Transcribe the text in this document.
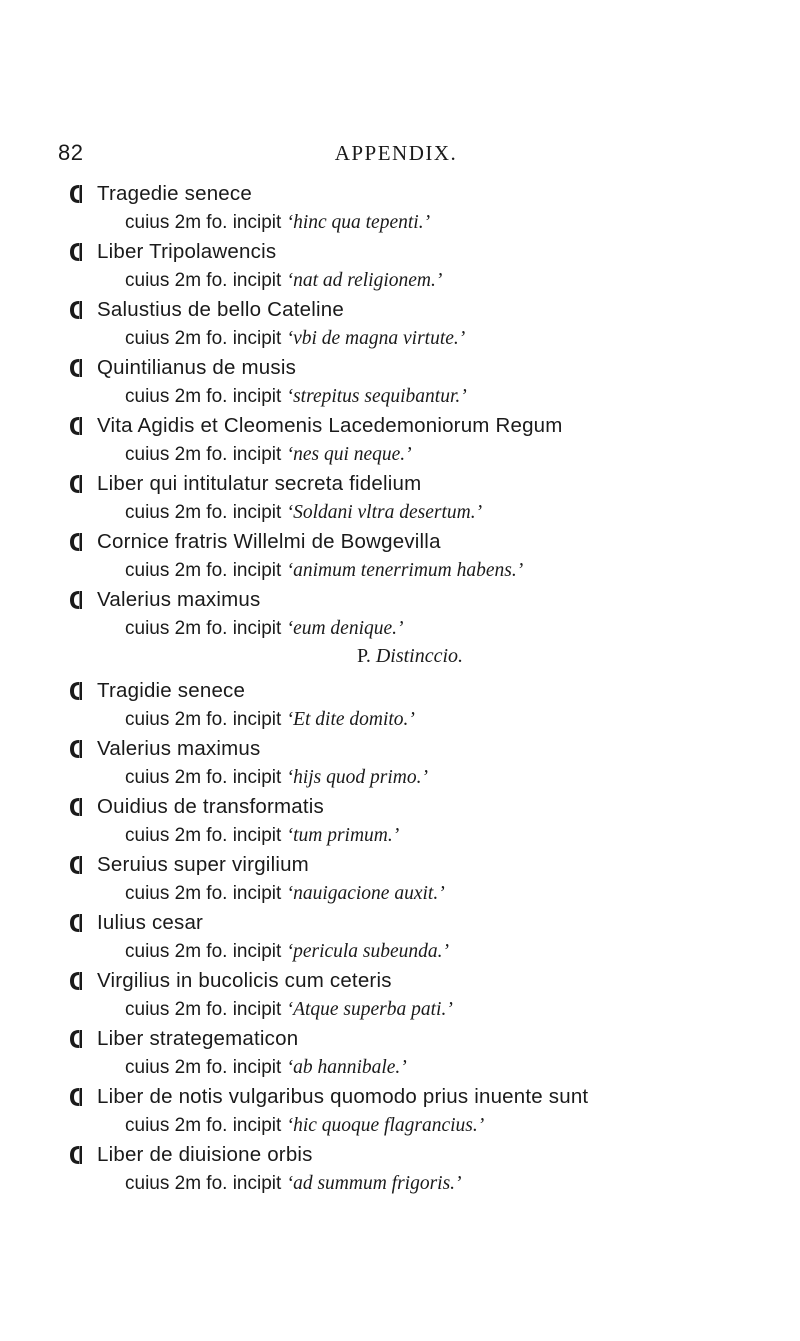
82	APPENDIX.
Tragedie senece
cuius 2m fo. incipit ‘hinc qua tepenti.’
Liber Tripolawencis
cuius 2m fo. incipit ‘nat ad religionem.’
Salustius de bello Cateline
cuius 2m fo. incipit ‘vbi de magna virtute.’
Quintilianus de musis
cuius 2m fo. incipit ‘strepitus sequibantur.’
Vita Agidis et Cleomenis Lacedemoniorum Regum
cuius 2m fo. incipit ‘nes qui neque.’
Liber qui intitulatur secreta fidelium
cuius 2m fo. incipit ‘Soldani vltra desertum.’
Cornice fratris Willelmi de Bowgevilla
cuius 2m fo. incipit ‘animum tenerrimum habens.’
Valerius maximus
cuius 2m fo. incipit ‘eum denique.’
P. Distinccio.
Tragidie senece
cuius 2m fo. incipit ‘Et dite domito.’
Valerius maximus
cuius 2m fo. incipit ‘hijs quod primo.’
Ouidius de transformatis
cuius 2m fo. incipit ‘tum primum.’
Seruius super virgilium
cuius 2m fo. incipit ‘nauigacione auxit.’
Iulius cesar
cuius 2m fo. incipit ‘pericula subeunda.’
Virgilius in bucolicis cum ceteris
cuius 2m fo. incipit ‘Atque superba pati.’
Liber strategematicon
cuius 2m fo. incipit ‘ab hannibale.’
Liber de notis vulgaribus quomodo prius inuente sunt
cuius 2m fo. incipit ‘hic quoque flagrancius.’
Liber de diuisione orbis
cuius 2m fo. incipit ‘ad summum frigoris.’
